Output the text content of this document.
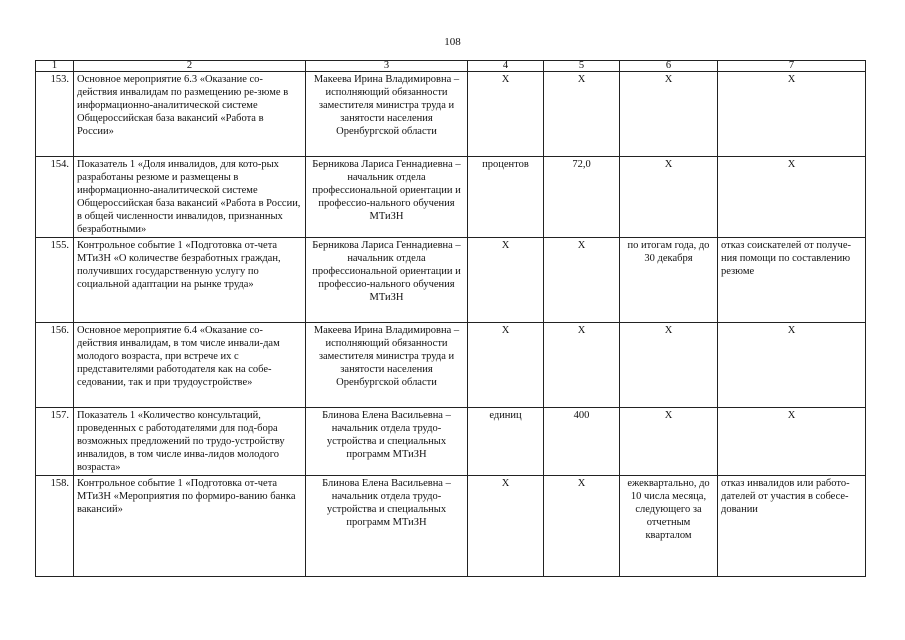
108
1	2	3	4	5	6	7
153.	Основное мероприятие 6.3 «Оказание со-действия инвалидам по размещению ре-зюме в информационно-аналитической системе Общероссийская база вакансий «Работа в России»	Макеева Ирина Владимировна –
исполняющий обязанности заместителя министра труда и занятости населения Оренбургской области	Х	Х	Х	Х
154.	Показатель 1 «Доля инвалидов, для кото-рых разработаны резюме и размещены в информационно-аналитической системе Общероссийская база вакансий «Работа в России, в общей численности инвалидов, признанных безработными»	Берникова Лариса Геннадиевна –
начальник отдела профессиональной ориентации и профессио-нального обучения МТиЗН	процентов	72,0	Х	Х
155.	Контрольное событие 1 «Подготовка от-чета МТиЗН «О количестве безработных граждан, получивших государственную услугу по социальной адаптации на рынке труда»	Берникова Лариса Геннадиевна –
начальник отдела профессиональной ориентации и профессио-нального обучения МТиЗН	Х	Х	по итогам года, до 30 декабря	отказ соискателей от получе-ния помощи по составлению резюме
156.	Основное мероприятие 6.4 «Оказание со-действия инвалидам, в том числе инвали-дам молодого возраста, при встрече их с представителями работодателя как на собе-седовании, так и при трудоустройстве»	Макеева Ирина Владимировна –
исполняющий обязанности заместителя министра труда и занятости населения Оренбургской области	Х	Х	Х	Х
157.	Показатель 1 «Количество консультаций, проведенных с работодателями для под-бора возможных предложений по трудо-устройству инвалидов, в том числе инва-лидов молодого возраста»	Блинова Елена Васильевна –
начальник отдела трудо-устройства и специальных программ МТиЗН	единиц	400	Х	Х
158.	Контрольное событие 1 «Подготовка от-чета МТиЗН «Мероприятия по формиро-ванию банка вакансий»	Блинова Елена Васильевна –
начальник отдела трудо-устройства и специальных программ МТиЗН	Х	Х	ежеквартально, до 10 числа месяца, следующего за отчетным кварталом	отказ инвалидов или работо-дателей от участия в собесе-довании
